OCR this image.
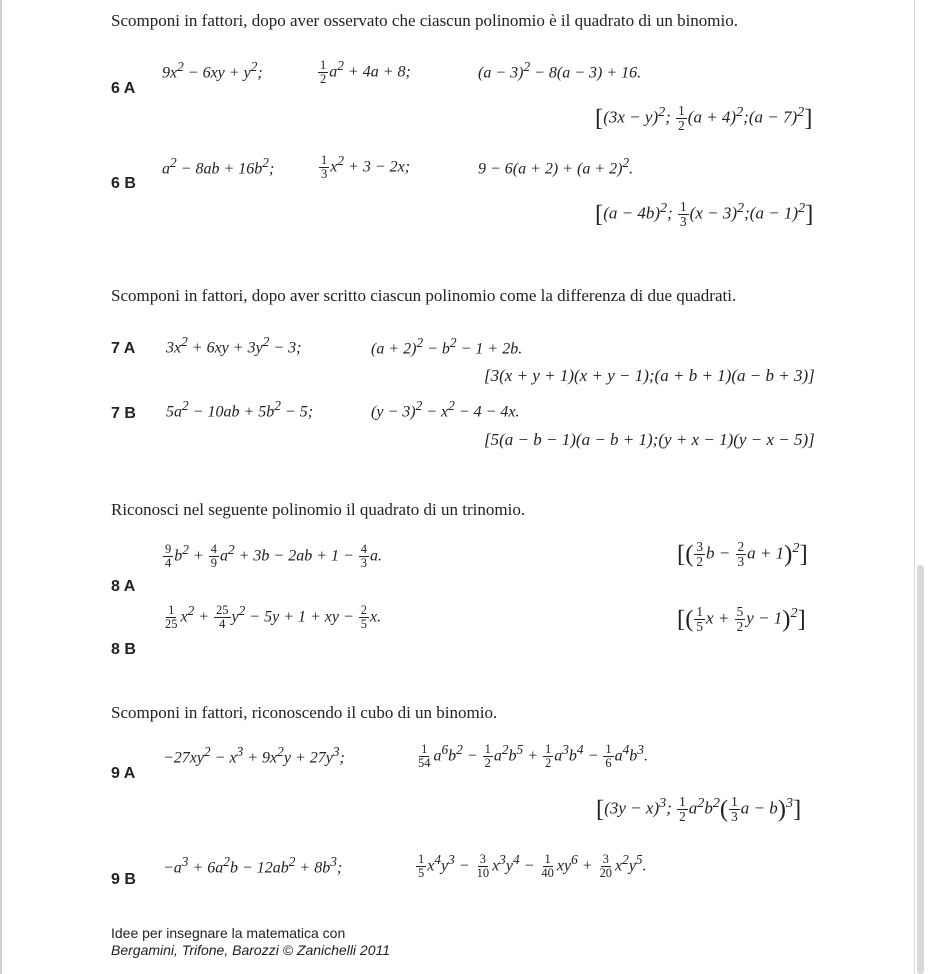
Scomponi in fattori, dopo aver osservato che ciascun polinomio è il quadrato di un binomio.
6 A
$9x^2 - 6xy + y^2$;	$\frac{1}{2} a^2 + 4a + 8$;	$(a - 3)^2 - 8(a - 3) + 16$.
[$(3x - y)^2$; $\frac{1}{2} (a$ + $4)^2;(a - 7)^2$]
6 B
$a^2 - 8ab + 16b^2$;	$\frac{1}{3} x^2 + 3 - 2x$;	$9 - 6(a + 2) + (a + 2)^2$.
[$(a - 4b)^2$; $\frac{1}{3} (x$ − $3)^2;(a - 1)^2$]
Scomponi in fattori, dopo aver scritto ciascun polinomio come la differenza di due quadrati.
7 A $3x^2 + 6xy + 3y^2 - 3$;	$(a + 2)^2 - b^2 - 1 + 2b$.
[3(x + y + 1)(x + y − 1);(a + b + 1)(a − b + 3)]
7 B $5a^2 - 10ab + 5b^2 - 5$;	$(y - 3)^2 - x^2 - 4 - 4x$.
[5(a − b − 1)(a − b + 1);(y + x − 1)(y − x − 5)]
Riconosci nel seguente polinomio il quadrato di un trinomio.
8 A
$\frac{9}{4} b^2 + \frac{4}{9} a^2 + 3b - 2ab + 1 - \frac{4}{3} a$.	[( $\frac{3}{2}$ $b - \frac{2}{3}$ a + 1)$^2$]
8 B
$\frac{1}{25} x^2 + \frac{25}{4} y^2 - 5y + 1$ + xy − $\frac{2}{5} x$.	[( $\frac{1}{5}$ $x + \frac{5}{2}$ y − 1)$^2$]
Scomponi in fattori, riconoscendo il cubo di un binomio.
9 A
$-27xy^2 - x^3 + 9x^2y + 27y^3$;	$\frac{1}{54} a^6b^2 - \frac{1}{2} a^2b^5 + \frac{1}{2} a^3b^4 - \frac{1}{6} a^4b^3$.
[$(3y - x)^3$; $\frac{1}{2} a^2b^2( \frac{1}{3}$ $a - b)^3$]
9 B
$-a^3 + 6a^2b - 12ab^2 + 8b^3$;	$\frac{1}{5} x^4y^3 - \frac{3}{10} x^3y^4 - \frac{1}{40} xy^6 + \frac{3}{20} x^2y^5$.
Idee per insegnare la matematica con
Bergamini, Trifone, Barozzi © Zanichelli 2011
